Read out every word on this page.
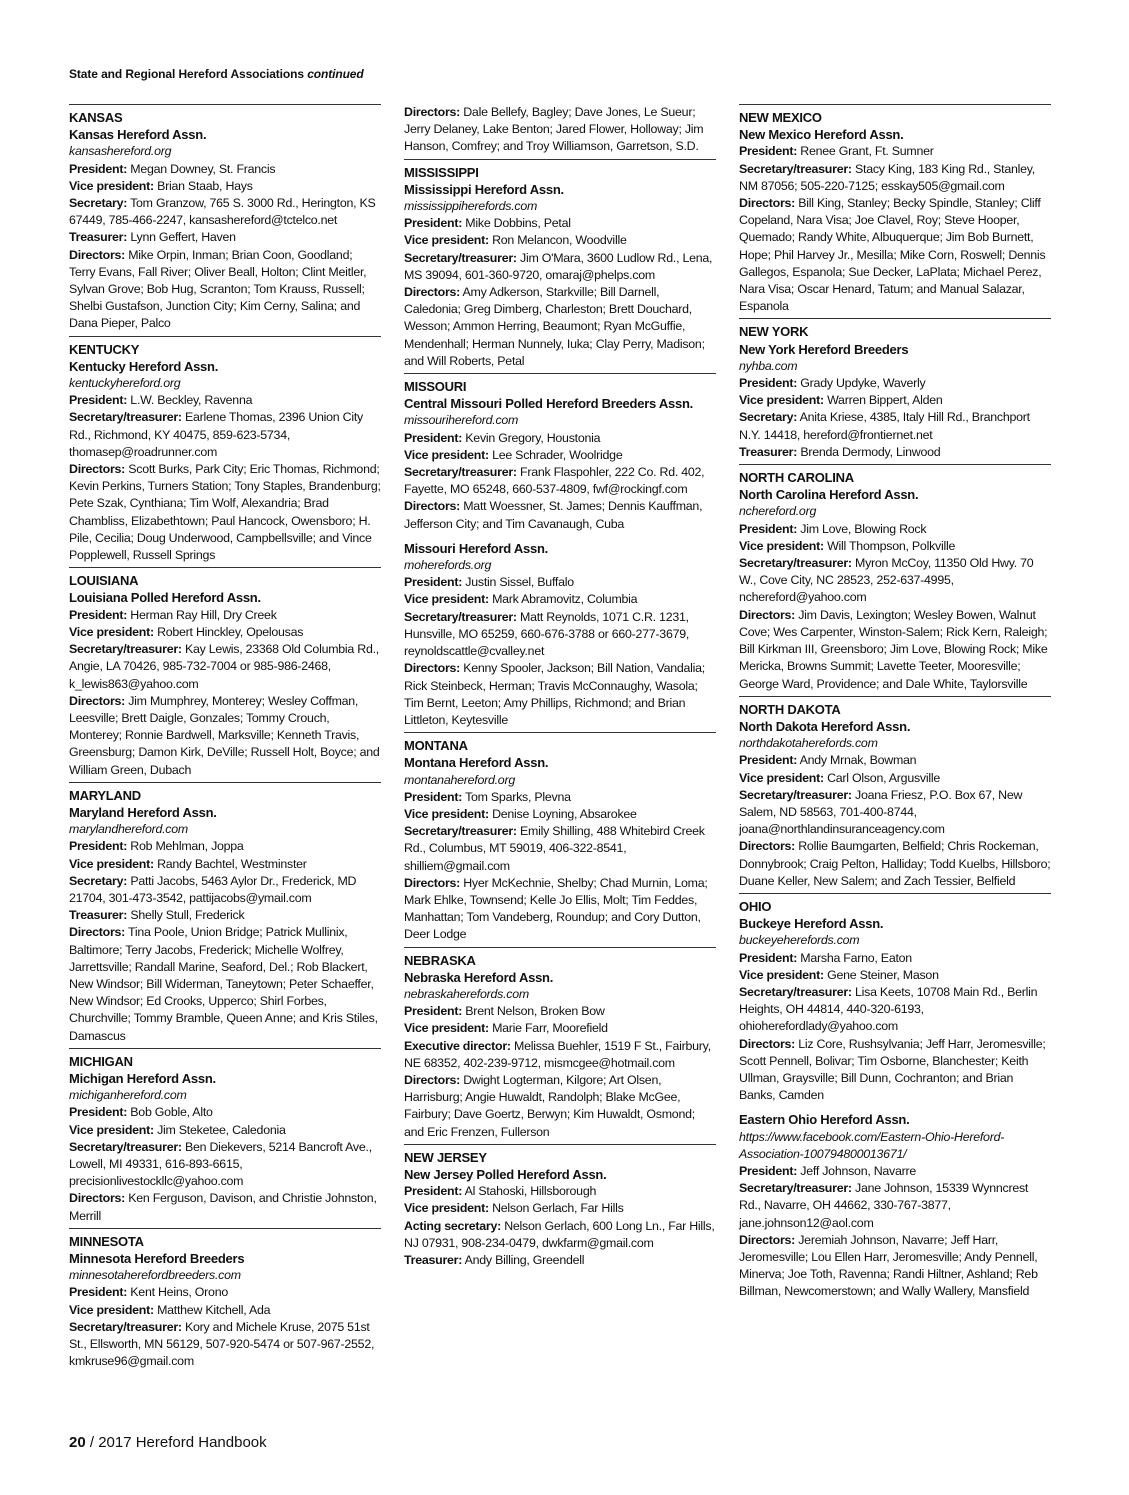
State and Regional Hereford Associations continued
KANSAS
Kansas Hereford Assn.
kansashereford.org
President: Megan Downey, St. Francis
Vice president: Brian Staab, Hays
Secretary: Tom Granzow, 765 S. 3000 Rd., Herington, KS 67449, 785-466-2247, kansashereford@tctelco.net
Treasurer: Lynn Geffert, Haven
Directors: Mike Orpin, Inman; Brian Coon, Goodland; Terry Evans, Fall River; Oliver Beall, Holton; Clint Meitler, Sylvan Grove; Bob Hug, Scranton; Tom Krauss, Russell; Shelbi Gustafson, Junction City; Kim Cerny, Salina; and Dana Pieper, Palco
KENTUCKY
Kentucky Hereford Assn.
kentuckyhereford.org
President: L.W. Beckley, Ravenna
Secretary/treasurer: Earlene Thomas, 2396 Union City Rd., Richmond, KY 40475, 859-623-5734, thomasep@roadrunner.com
Directors: Scott Burks, Park City; Eric Thomas, Richmond; Kevin Perkins, Turners Station; Tony Staples, Brandenburg; Pete Szak, Cynthiana; Tim Wolf, Alexandria; Brad Chambliss, Elizabethtown; Paul Hancock, Owensboro; H. Pile, Cecilia; Doug Underwood, Campbellsville; and Vince Popplewell, Russell Springs
LOUISIANA
Louisiana Polled Hereford Assn.
President: Herman Ray Hill, Dry Creek
Vice president: Robert Hinckley, Opelousas
Secretary/treasurer: Kay Lewis, 23368 Old Columbia Rd., Angie, LA 70426, 985-732-7004 or 985-986-2468, k_lewis863@yahoo.com
Directors: Jim Mumphrey, Monterey; Wesley Coffman, Leesville; Brett Daigle, Gonzales; Tommy Crouch, Monterey; Ronnie Bardwell, Marksville; Kenneth Travis, Greensburg; Damon Kirk, DeVille; Russell Holt, Boyce; and William Green, Dubach
MARYLAND
Maryland Hereford Assn.
marylandhereford.com
President: Rob Mehlman, Joppa
Vice president: Randy Bachtel, Westminster
Secretary: Patti Jacobs, 5463 Aylor Dr., Frederick, MD 21704, 301-473-3542, pattijacobs@ymail.com
Treasurer: Shelly Stull, Frederick
Directors: Tina Poole, Union Bridge; Patrick Mullinix, Baltimore; Terry Jacobs, Frederick; Michelle Wolfrey, Jarrettsville; Randall Marine, Seaford, Del.; Rob Blackert, New Windsor; Bill Widerman, Taneytown; Peter Schaeffer, New Windsor; Ed Crooks, Upperco; Shirl Forbes, Churchville; Tommy Bramble, Queen Anne; and Kris Stiles, Damascus
MICHIGAN
Michigan Hereford Assn.
michiganhereford.com
President: Bob Goble, Alto
Vice president: Jim Steketee, Caledonia
Secretary/treasurer: Ben Diekevers, 5214 Bancroft Ave., Lowell, MI 49331, 616-893-6615, precisionlivestockllc@yahoo.com
Directors: Ken Ferguson, Davison, and Christie Johnston, Merrill
MINNESOTA
Minnesota Hereford Breeders
minnesotaherefordbreeders.com
President: Kent Heins, Orono
Vice president: Matthew Kitchell, Ada
Secretary/treasurer: Kory and Michele Kruse, 2075 51st St., Ellsworth, MN 56129, 507-920-5474 or 507-967-2552, kmkruse96@gmail.com
Directors: Dale Bellefy, Bagley; Dave Jones, Le Sueur; Jerry Delaney, Lake Benton; Jared Flower, Holloway; Jim Hanson, Comfrey; and Troy Williamson, Garretson, S.D.
MISSISSIPPI
Mississippi Hereford Assn.
mississippiherefords.com
President: Mike Dobbins, Petal
Vice president: Ron Melancon, Woodville
Secretary/treasurer: Jim O'Mara, 3600 Ludlow Rd., Lena, MS 39094, 601-360-9720, omaraj@phelps.com
Directors: Amy Adkerson, Starkville; Bill Darnell, Caledonia; Greg Dimberg, Charleston; Brett Douchard, Wesson; Ammon Herring, Beaumont; Ryan McGuffie, Mendenhall; Herman Nunnely, Iuka; Clay Perry, Madison; and Will Roberts, Petal
MISSOURI
Central Missouri Polled Hereford Breeders Assn.
missourihereford.com
President: Kevin Gregory, Houstonia
Vice president: Lee Schrader, Woolridge
Secretary/treasurer: Frank Flaspohler, 222 Co. Rd. 402, Fayette, MO 65248, 660-537-4809, fwf@rockingf.com
Directors: Matt Woessner, St. James; Dennis Kauffman, Jefferson City; and Tim Cavanaugh, Cuba
Missouri Hereford Assn.
moherefords.org
President: Justin Sissel, Buffalo
Vice president: Mark Abramovitz, Columbia
Secretary/treasurer: Matt Reynolds, 1071 C.R. 1231, Hunsville, MO 65259, 660-676-3788 or 660-277-3679, reynoldscattle@cvalley.net
Directors: Kenny Spooler, Jackson; Bill Nation, Vandalia; Rick Steinbeck, Herman; Travis McConnaughy, Wasola; Tim Bernt, Leeton; Amy Phillips, Richmond; and Brian Littleton, Keytesville
MONTANA
Montana Hereford Assn.
montanahereford.org
President: Tom Sparks, Plevna
Vice president: Denise Loyning, Absarokee
Secretary/treasurer: Emily Shilling, 488 Whitebird Creek Rd., Columbus, MT 59019, 406-322-8541, shilliem@gmail.com
Directors: Hyer McKechnie, Shelby; Chad Murnin, Loma; Mark Ehlke, Townsend; Kelle Jo Ellis, Molt; Tim Feddes, Manhattan; Tom Vandeberg, Roundup; and Cory Dutton, Deer Lodge
NEBRASKA
Nebraska Hereford Assn.
nebraskaherefords.com
President: Brent Nelson, Broken Bow
Vice president: Marie Farr, Moorefield
Executive director: Melissa Buehler, 1519 F St., Fairbury, NE 68352, 402-239-9712, mismcgee@hotmail.com
Directors: Dwight Logterman, Kilgore; Art Olsen, Harrisburg; Angie Huwaldt, Randolph; Blake McGee, Fairbury; Dave Goertz, Berwyn; Kim Huwaldt, Osmond; and Eric Frenzen, Fullerson
NEW JERSEY
New Jersey Polled Hereford Assn.
President: Al Stahoski, Hillsborough
Vice president: Nelson Gerlach, Far Hills
Acting secretary: Nelson Gerlach, 600 Long Ln., Far Hills, NJ 07931, 908-234-0479, dwkfarm@gmail.com
Treasurer: Andy Billing, Greendell
NEW MEXICO
New Mexico Hereford Assn.
President: Renee Grant, Ft. Sumner
Secretary/treasurer: Stacy King, 183 King Rd., Stanley, NM 87056; 505-220-7125; esskay505@gmail.com
Directors: Bill King, Stanley; Becky Spindle, Stanley; Cliff Copeland, Nara Visa; Joe Clavel, Roy; Steve Hooper, Quemado; Randy White, Albuquerque; Jim Bob Burnett, Hope; Phil Harvey Jr., Mesilla; Mike Corn, Roswell; Dennis Gallegos, Espanola; Sue Decker, LaPlata; Michael Perez, Nara Visa; Oscar Henard, Tatum; and Manual Salazar, Espanola
NEW YORK
New York Hereford Breeders
nyhba.com
President: Grady Updyke, Waverly
Vice president: Warren Bippert, Alden
Secretary: Anita Kriese, 4385, Italy Hill Rd., Branchport N.Y. 14418, hereford@frontiernet.net
Treasurer: Brenda Dermody, Linwood
NORTH CAROLINA
North Carolina Hereford Assn.
nchereford.org
President: Jim Love, Blowing Rock
Vice president: Will Thompson, Polkville
Secretary/treasurer: Myron McCoy, 11350 Old Hwy. 70 W., Cove City, NC 28523, 252-637-4995, nchereford@yahoo.com
Directors: Jim Davis, Lexington; Wesley Bowen, Walnut Cove; Wes Carpenter, Winston-Salem; Rick Kern, Raleigh; Bill Kirkman III, Greensboro; Jim Love, Blowing Rock; Mike Mericka, Browns Summit; Lavette Teeter, Mooresville; George Ward, Providence; and Dale White, Taylorsville
NORTH DAKOTA
North Dakota Hereford Assn.
northdakotaherefords.com
President: Andy Mrnak, Bowman
Vice president: Carl Olson, Argusville
Secretary/treasurer: Joana Friesz, P.O. Box 67, New Salem, ND 58563, 701-400-8744, joana@northlandinsuranceagency.com
Directors: Rollie Baumgarten, Belfield; Chris Rockeman, Donnybrook; Craig Pelton, Halliday; Todd Kuelbs, Hillsboro; Duane Keller, New Salem; and Zach Tessier, Belfield
OHIO
Buckeye Hereford Assn.
buckeyeherefords.com
President: Marsha Farno, Eaton
Vice president: Gene Steiner, Mason
Secretary/treasurer: Lisa Keets, 10708 Main Rd., Berlin Heights, OH 44814, 440-320-6193, ohioherefordlady@yahoo.com
Directors: Liz Core, Rushsylvania; Jeff Harr, Jeromesville; Scott Pennell, Bolivar; Tim Osborne, Blanchester; Keith Ullman, Graysville; Bill Dunn, Cochranton; and Brian Banks, Camden
Eastern Ohio Hereford Assn.
https://www.facebook.com/Eastern-Ohio-Hereford-Association-100794800013671/
President: Jeff Johnson, Navarre
Secretary/treasurer: Jane Johnson, 15339 Wynncrest Rd., Navarre, OH 44662, 330-767-3877, jane.johnson12@aol.com
Directors: Jeremiah Johnson, Navarre; Jeff Harr, Jeromesville; Lou Ellen Harr, Jeromesville; Andy Pennell, Minerva; Joe Toth, Ravenna; Randi Hiltner, Ashland; Reb Billman, Newcomerstown; and Wally Wallery, Mansfield
20 / 2017 Hereford Handbook
